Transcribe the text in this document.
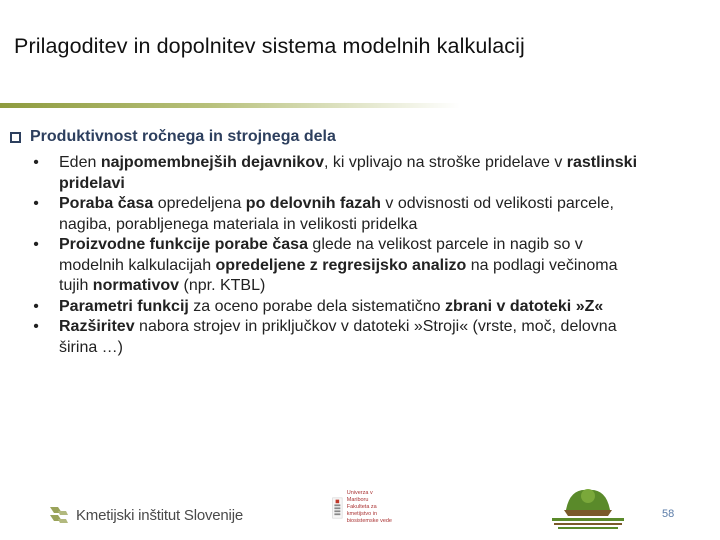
Prilagoditev in dopolnitev sistema modelnih kalkulacij
Produktivnost ročnega in strojnega dela
• Eden najpomembnejših dejavnikov, ki vplivajo na stroške pridelave v rastlinski
pridelavi
• Poraba časa opredeljena po delovnih fazah v odvisnosti od velikosti parcele,
nagiba, porabljenega materiala in velikosti pridelka
• Proizvodne funkcije porabe časa glede na velikost parcele in nagib so v
modelnih kalkulacijah opredeljene z regresijsko analizo na podlagi večinoma
tujih normativov (npr. KTBL)
• Parametri funkcij za oceno porabe dela sistematično zbrani v datoteki »Z«
• Razširitev nabora strojev in priključkov v datoteki »Stroji« (vrste, moč, delovna
širina …)
Kmetijski inštitut Slovenije
Univerza v
Mariboru
Fakulteta za
kmetijstvo in
biosistemske vede
58
